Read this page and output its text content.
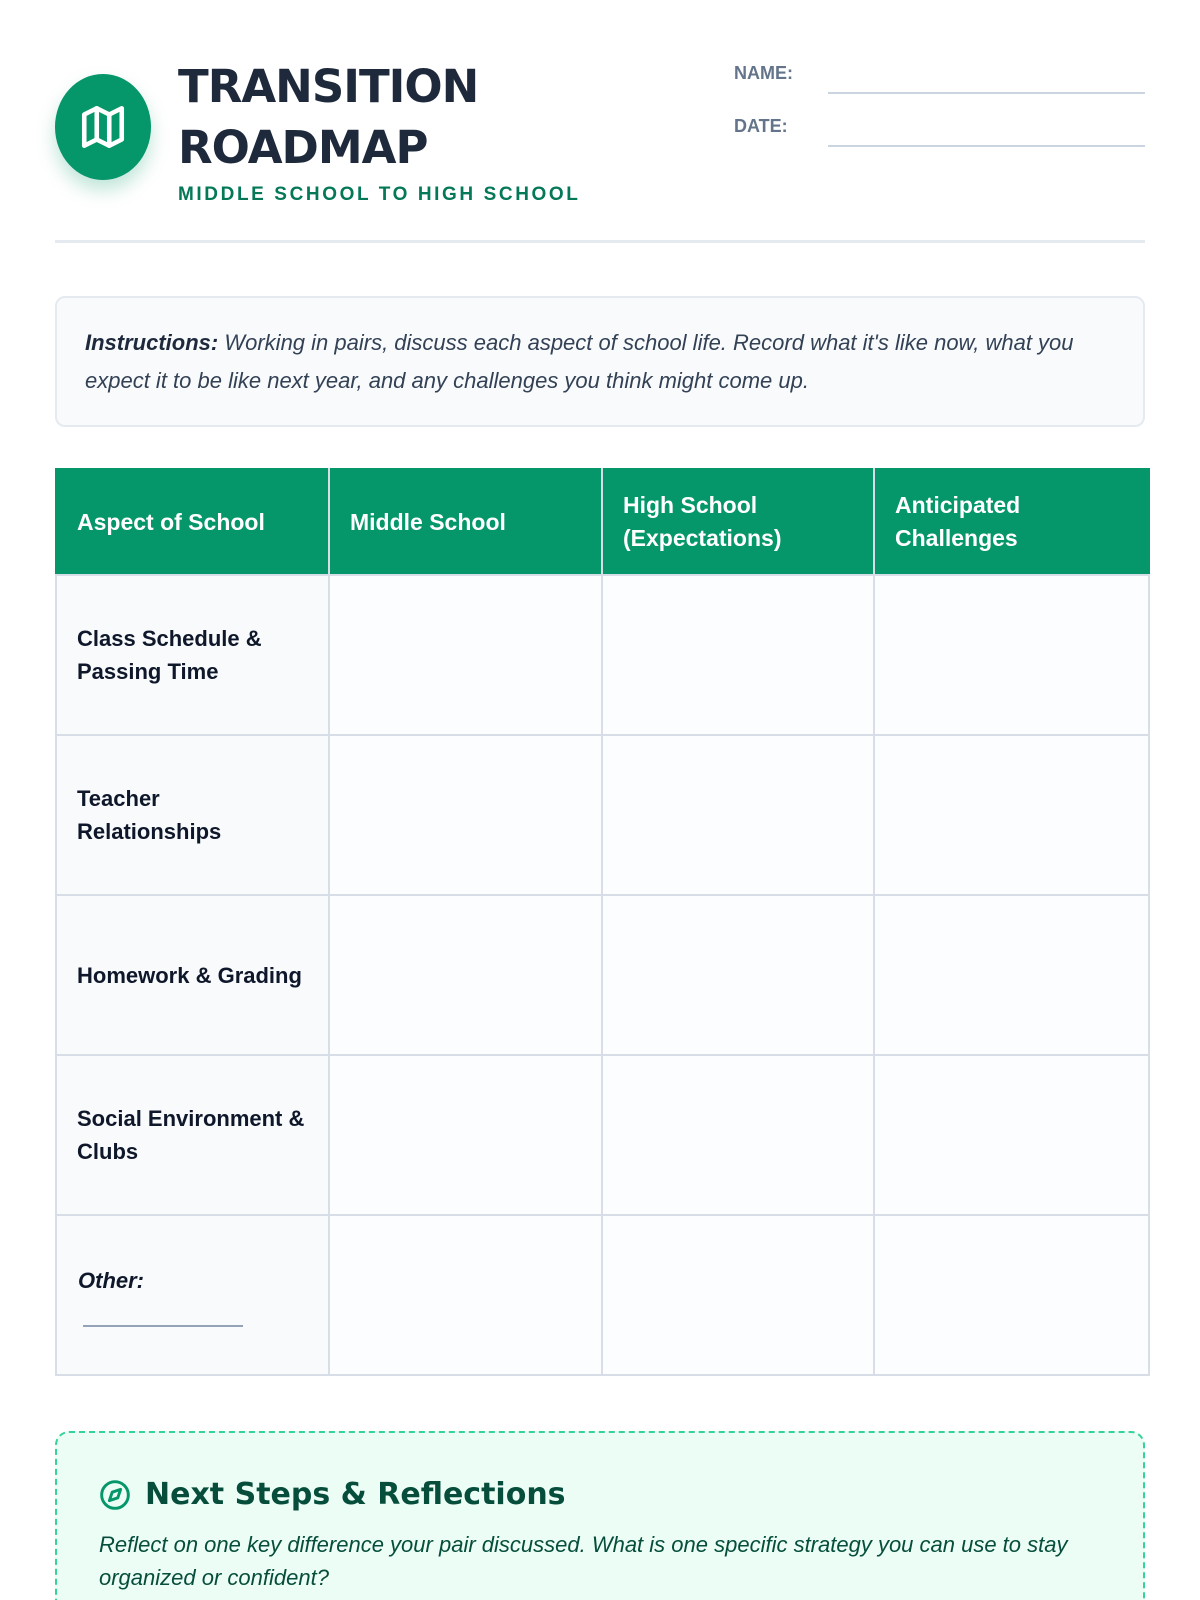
TRANSITION
ROADMAP
MIDDLE SCHOOL TO HIGH SCHOOL
NAME:
DATE:
Instructions: Working in pairs, discuss each aspect of school life. Record what it's like now, what you expect it to be like next year, and any challenges you think might come up.
Aspect of School	Middle School	High School (Expectations)	Anticipated Challenges
Class Schedule & Passing Time			
Teacher Relationships			
Homework & Grading			
Social Environment & Clubs			

Other:			

Next Steps & Reflections
Reflect on one key difference your pair discussed. What is one specific strategy you can use to stay organized or confident?
